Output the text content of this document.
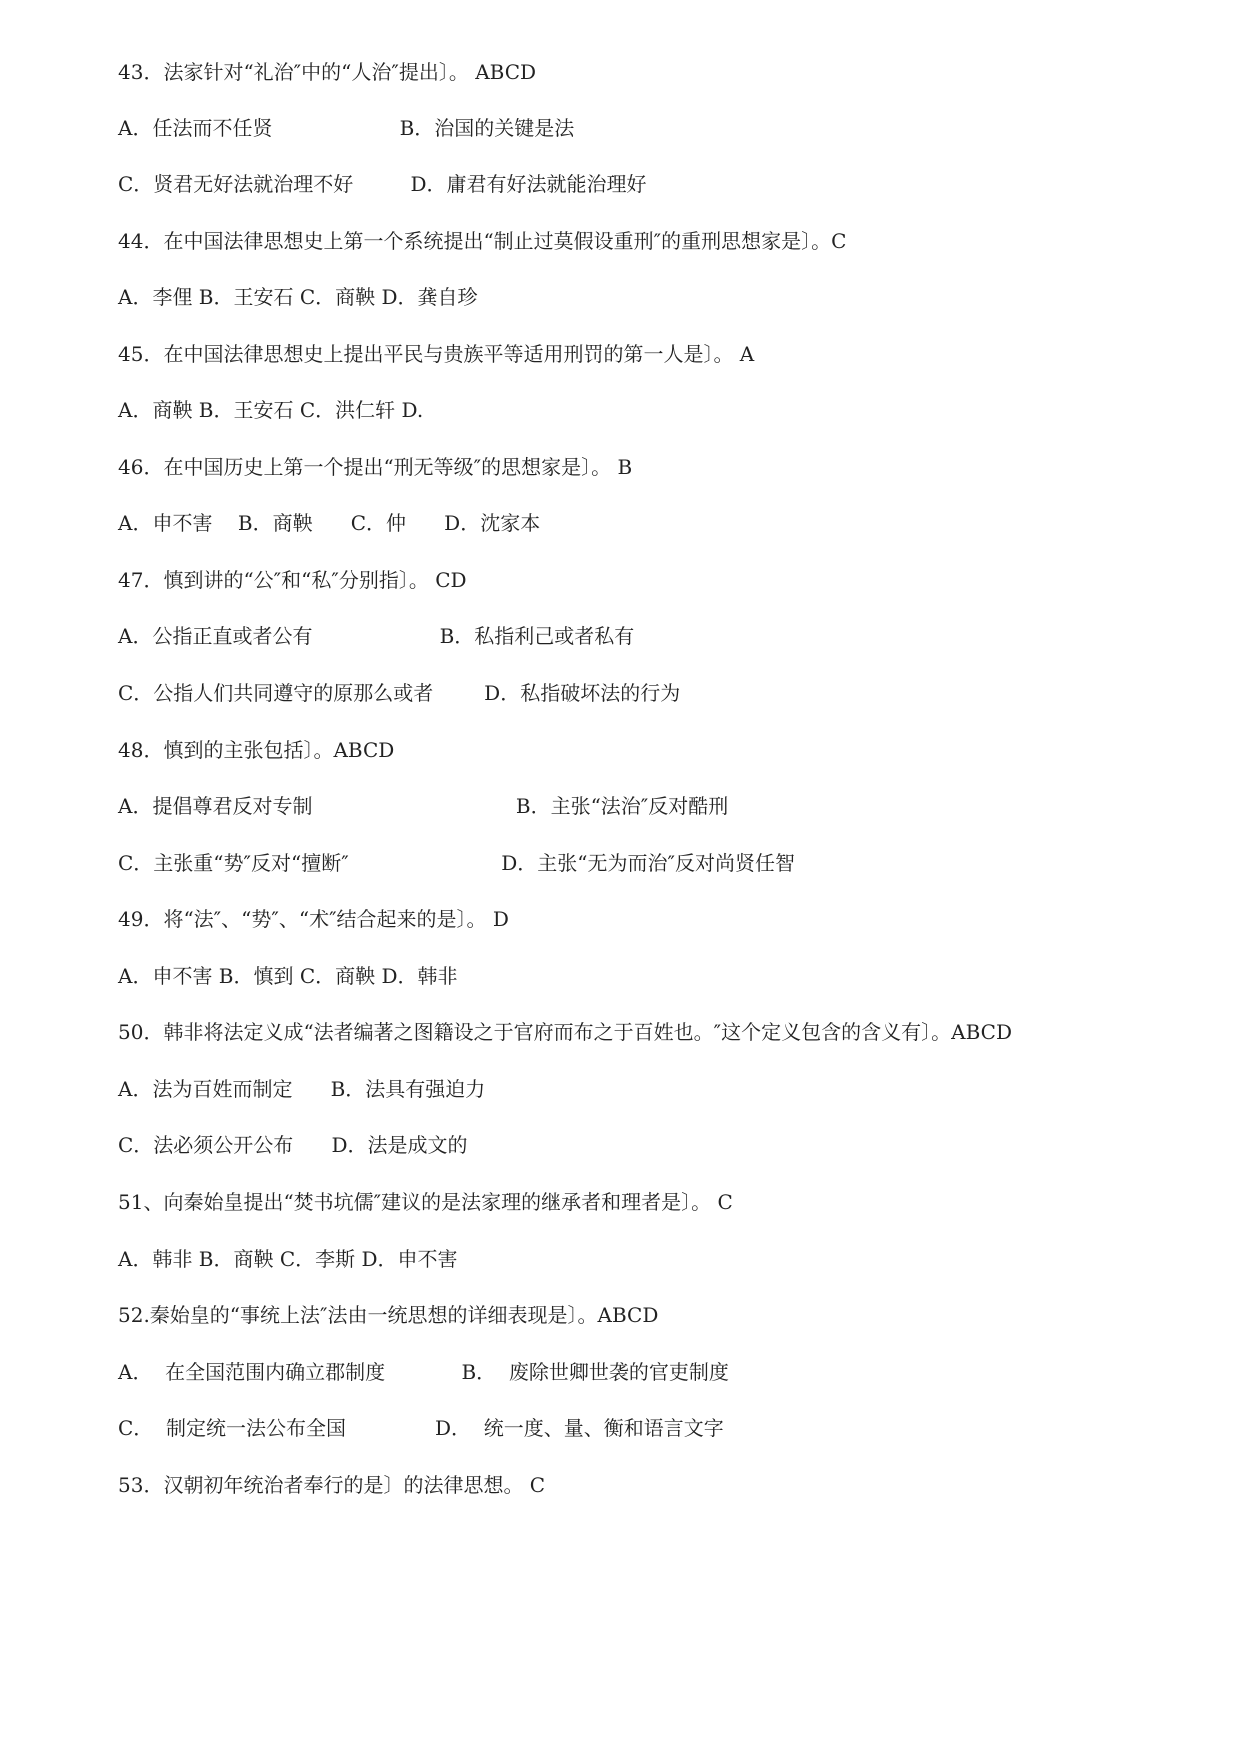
43．法家针对“礼治″中的“人治″提出〕。 ABCD
A．任法而不任贤                    B．治国的关键是法
C．贤君无好法就治理不好         D．庸君有好法就能治理好
44．在中国法律思想史上第一个系统提出“制止过莫假设重刑″的重刑思想家是〕。C
A．李俚 B．王安石 C．商鞅 D．龚自珍
45．在中国法律思想史上提出平民与贵族平等适用刑罚的第一人是〕。 A
A．商鞅 B．王安石 C．洪仁轩 D.
46．在中国历史上第一个提出“刑无等级″的思想家是〕。 B
A．申不害    B．商鞅      C．仲      D．沈家本
47．慎到讲的“公″和“私″分别指〕。 CD
A．公指正直或者公有                    B．私指利己或者私有
C．公指人们共同遵守的原那么或者        D．私指破坏法的行为
48．慎到的主张包括〕。ABCD
A．提倡尊君反对专制                                B．主张“法治″反对酷刑
C．主张重“势″反对“擅断″                        D．主张“无为而治″反对尚贤任智
49．将“法″、“势″、“术″结合起来的是〕。 D
A．申不害 B．慎到 C．商鞅 D．韩非
50．韩非将法定义成“法者编著之图籍设之于官府而布之于百姓也。″这个定义包含的含义有〕。ABCD
A．法为百姓而制定      B．法具有强迫力
C．法必须公开公布      D．法是成文的
51、向秦始皇提出“焚书坑儒″建议的是法家理的继承者和理者是〕。 C
A．韩非 B．商鞅 C．李斯 D．申不害
52.秦始皇的“事统上法″法由一统思想的详细表现是〕。ABCD
A．  在全国范围内确立郡制度            B．  废除世卿世袭的官吏制度
C．  制定统一法公布全国              D．  统一度、量、衡和语言文字
53．汉朝初年统治者奉行的是〕的法律思想。 C
